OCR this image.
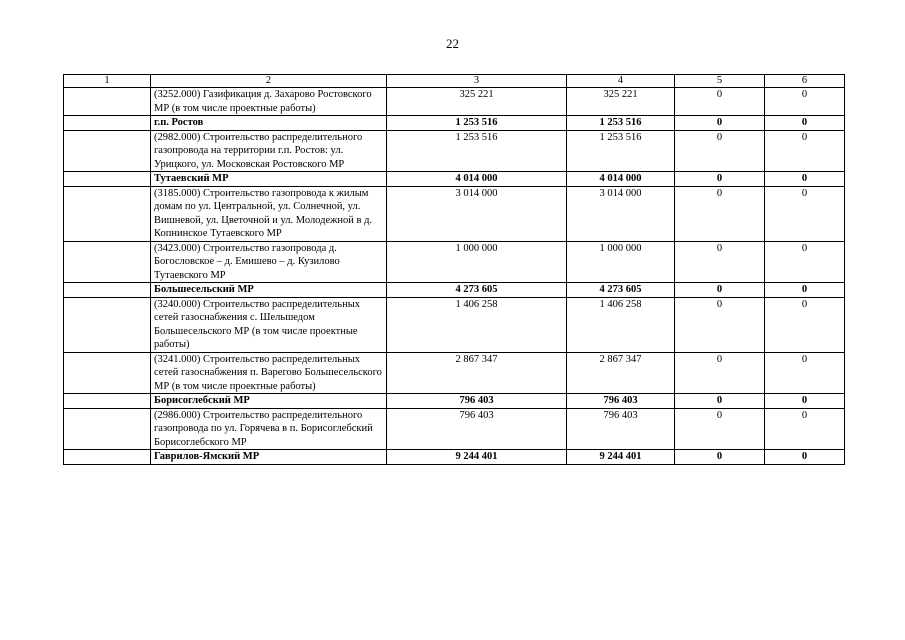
22
1	2	3	4	5	6
	(3252.000) Газификация д. Захарово Ростовского МР (в том числе проектные работы)	325 221	325 221	0	0
	г.п. Ростов	1 253 516	1 253 516	0	0
	(2982.000) Строительство распределительного газопровода на территории г.п. Ростов: ул. Урицкого, ул. Московская Ростовского МР	1 253 516	1 253 516	0	0
	Тутаевский МР	4 014 000	4 014 000	0	0
	(3185.000) Строительство газопровода к жилым домам по ул. Центральной, ул. Солнечной, ул. Вишневой, ул. Цветочной и ул. Молодежной в д. Копнинское Тутаевского МР	3 014 000	3 014 000	0	0
	(3423.000) Строительство газопровода д. Богословское – д. Емишево – д. Кузилово Тутаевского МР	1 000 000	1 000 000	0	0
	Большесельский МР	4 273 605	4 273 605	0	0
	(3240.000) Строительство распределительных сетей газоснабжения с. Шельшедом Большесельского МР (в том числе проектные работы)	1 406 258	1 406 258	0	0
	(3241.000) Строительство распределительных сетей газоснабжения п. Варегово Большесельского МР (в том числе проектные работы)	2 867 347	2 867 347	0	0
	Борисоглебский МР	796 403	796 403	0	0
	(2986.000) Строительство распределительного газопровода по ул. Горячева в п. Борисоглебский Борисоглебского МР	796 403	796 403	0	0
	Гаврилов-Ямский МР	9 244 401	9 244 401	0	0
